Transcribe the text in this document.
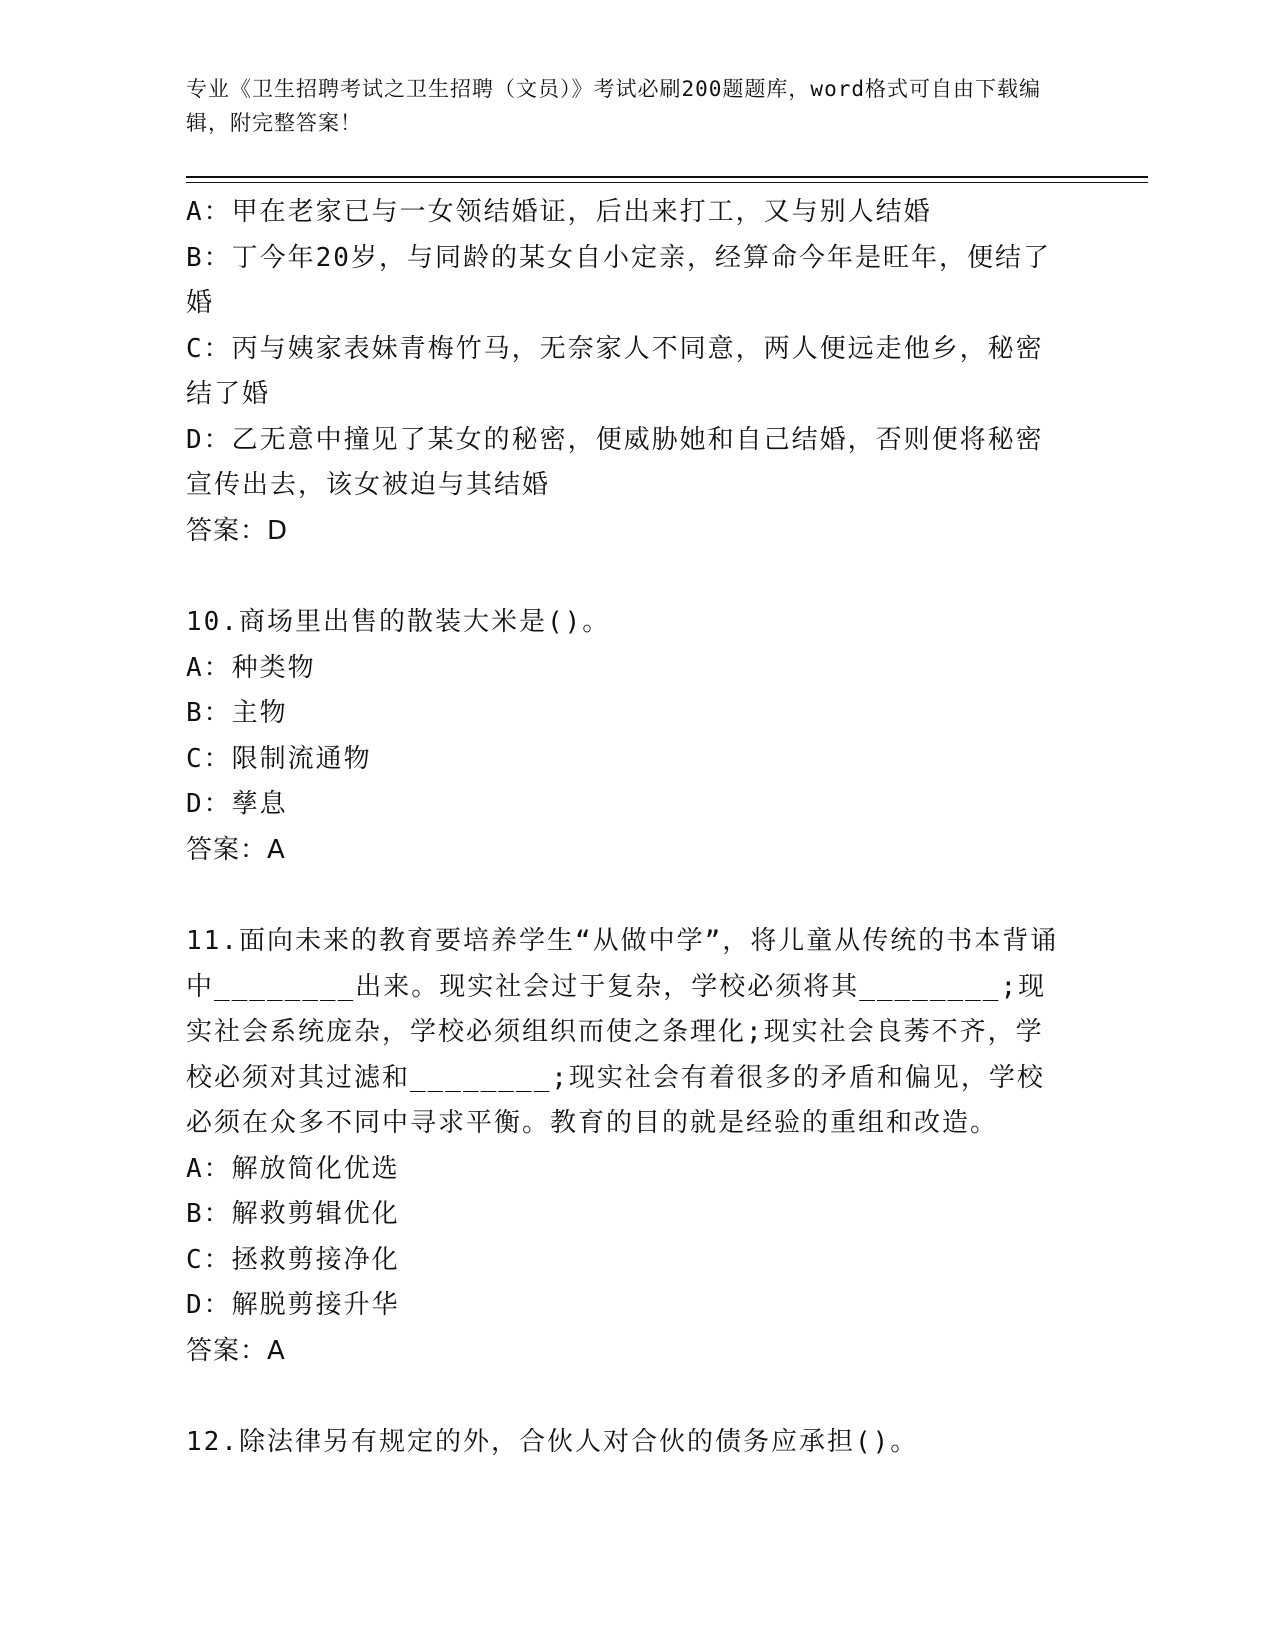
专业《卫生招聘考试之卫生招聘（文员）》考试必刷200题题库，word格式可自由下载编辑，附完整答案！
A：甲在老家已与一女领结婚证，后出来打工，又与别人结婚
B：丁今年20岁，与同龄的某女自小定亲，经算命今年是旺年，便结了婚
C：丙与姨家表妹青梅竹马，无奈家人不同意，两人便远走他乡，秘密结了婚
D：乙无意中撞见了某女的秘密，便威胁她和自己结婚，否则便将秘密宣传出去，该女被迫与其结婚
答案：D
10.商场里出售的散装大米是()。
A：种类物
B：主物
C：限制流通物
D：孳息
答案：A
11.面向未来的教育要培养学生“从做中学”，将儿童从传统的书本背诵中________出来。现实社会过于复杂，学校必须将其________;现实社会系统庞杂，学校必须组织而使之条理化;现实社会良莠不齐，学校必须对其过滤和________;现实社会有着很多的矛盾和偏见，学校必须在众多不同中寻求平衡。教育的目的就是经验的重组和改造。
A：解放简化优选
B：解救剪辑优化
C：拯救剪接净化
D：解脱剪接升华
答案：A
12.除法律另有规定的外，合伙人对合伙的债务应承担()。
